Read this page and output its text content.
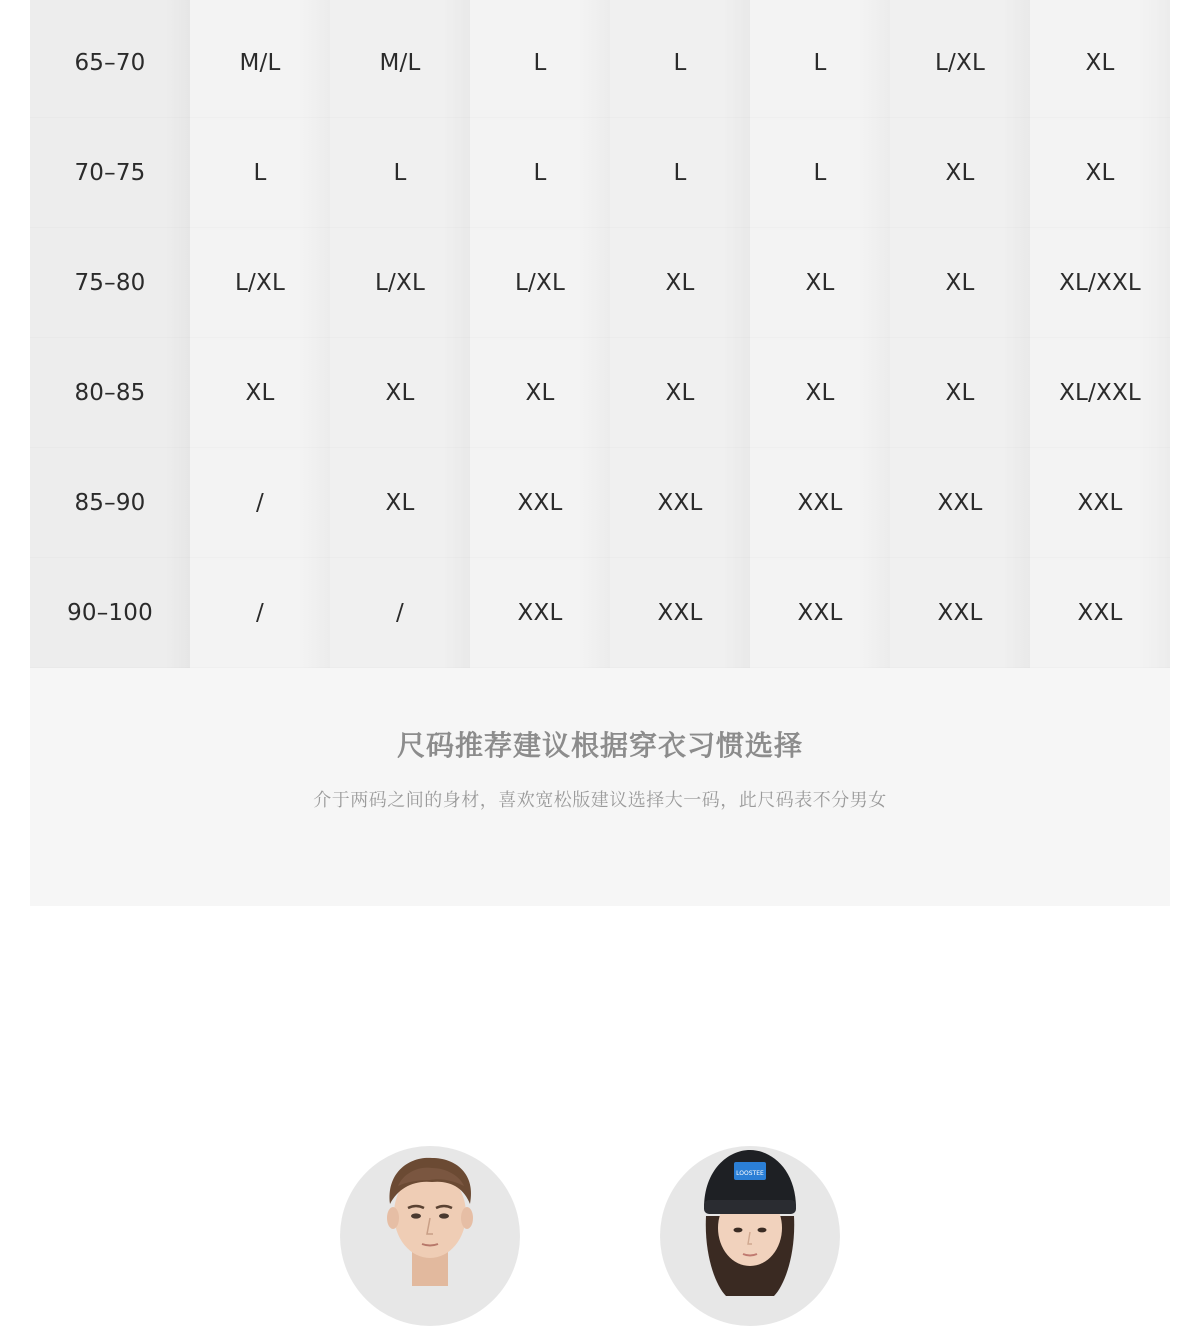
65–70	M/L	M/L	L	L	L	L/XL	XL
70–75	L	L	L	L	L	XL	XL
75–80	L/XL	L/XL	L/XL	XL	XL	XL	XL/XXL
80–85	XL	XL	XL	XL	XL	XL	XL/XXL
85–90	/	XL	XXL	XXL	XXL	XXL	XXL
90–100	/	/	XXL	XXL	XXL	XXL	XXL
尺码推荐建议根据穿衣习惯选择
介于两码之间的身材，喜欢宽松版建议选择大一码，此尺码表不分男女
LOOSTEE
